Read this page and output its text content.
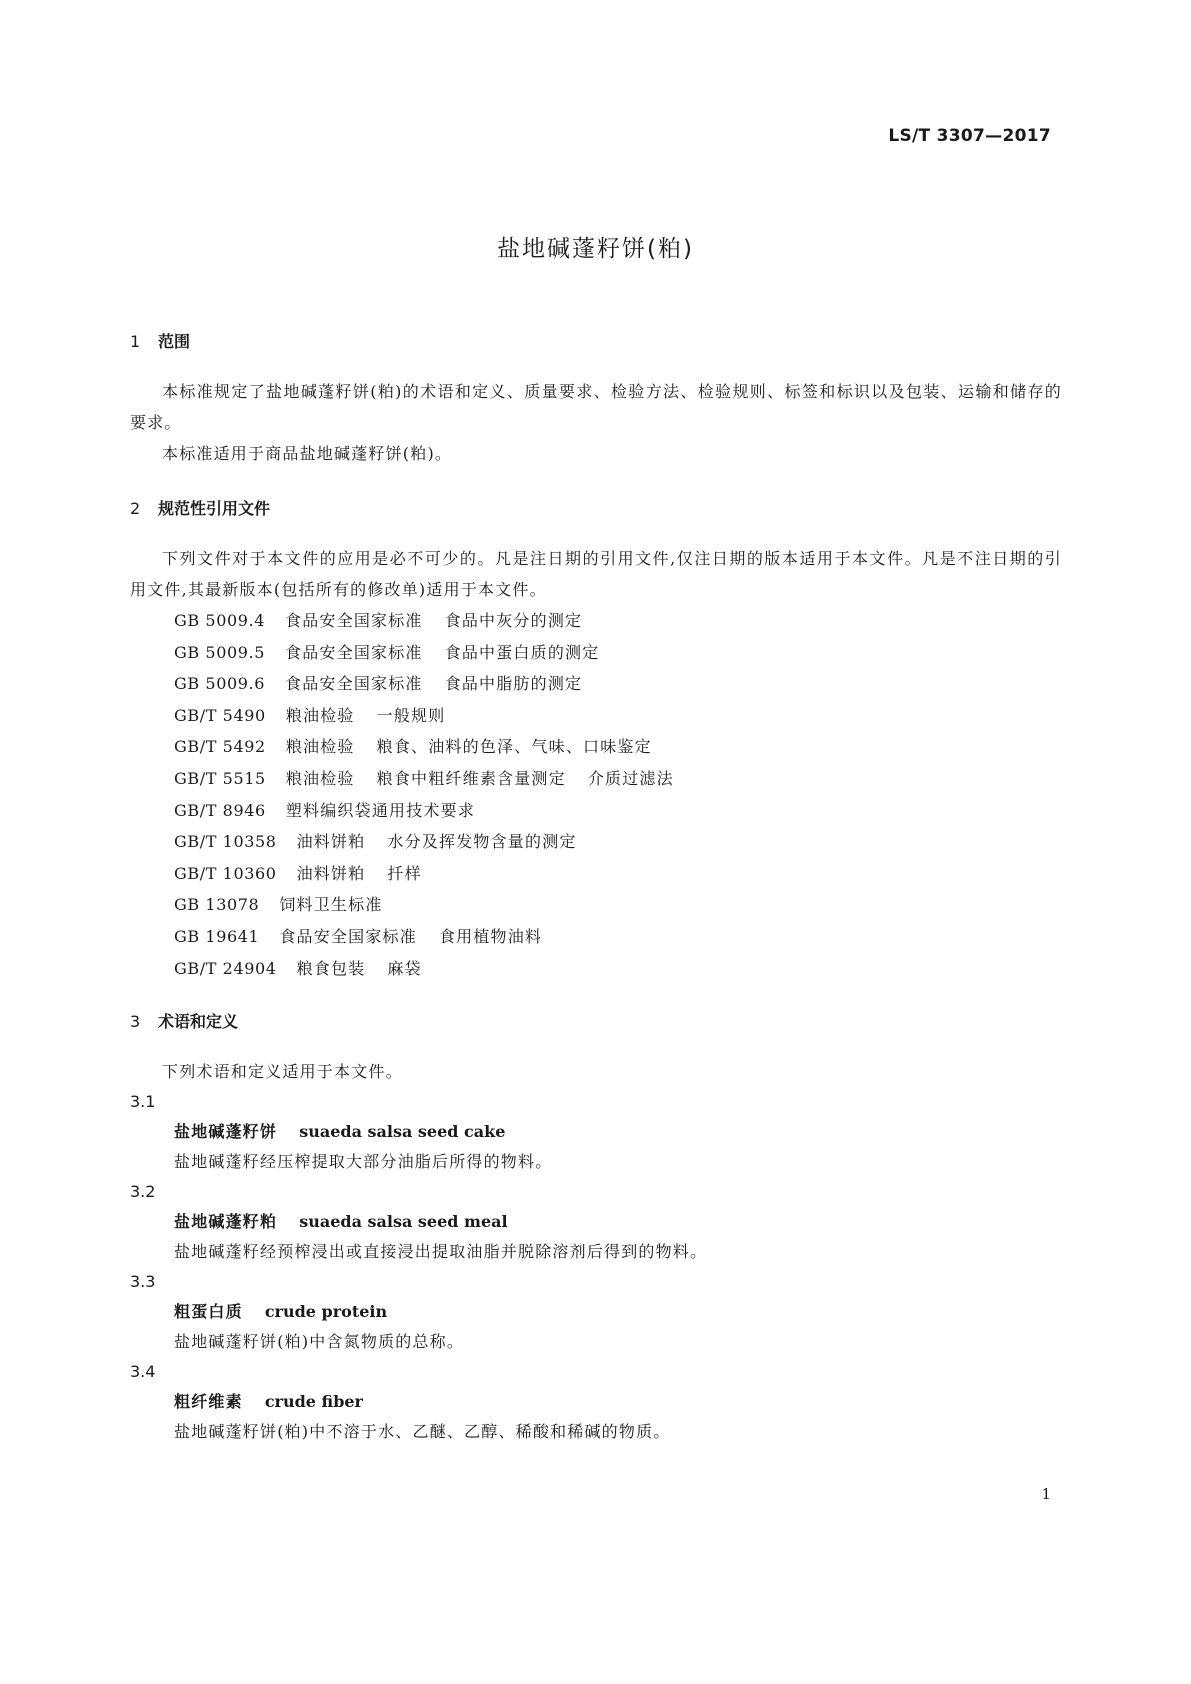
LS/T 3307—2017
盐地碱蓬籽饼(粕)
1	范围
本标准规定了盐地碱蓬籽饼(粕)的术语和定义、质量要求、检验方法、检验规则、标签和标识以及包装、运输和储存的要求。
本标准适用于商品盐地碱蓬籽饼(粕)。
2	规范性引用文件
下列文件对于本文件的应用是必不可少的。凡是注日期的引用文件,仅注日期的版本适用于本文件。凡是不注日期的引用文件,其最新版本(包括所有的修改单)适用于本文件。
GB 5009.4 食品安全国家标准 食品中灰分的测定
GB 5009.5 食品安全国家标准 食品中蛋白质的测定
GB 5009.6 食品安全国家标准 食品中脂肪的测定
GB/T 5490 粮油检验 一般规则
GB/T 5492 粮油检验 粮食、油料的色泽、气味、口味鉴定
GB/T 5515 粮油检验 粮食中粗纤维素含量测定 介质过滤法
GB/T 8946 塑料编织袋通用技术要求
GB/T 10358 油料饼粕 水分及挥发物含量的测定
GB/T 10360 油料饼粕 扦样
GB 13078 饲料卫生标准
GB 19641 食品安全国家标准 食用植物油料
GB/T 24904 粮食包装 麻袋
3	术语和定义
下列术语和定义适用于本文件。
3.1
盐地碱蓬籽饼 suaeda salsa seed cake
盐地碱蓬籽经压榨提取大部分油脂后所得的物料。
3.2
盐地碱蓬籽粕 suaeda salsa seed meal
盐地碱蓬籽经预榨浸出或直接浸出提取油脂并脱除溶剂后得到的物料。
3.3
粗蛋白质 crude protein
盐地碱蓬籽饼(粕)中含氮物质的总称。
3.4
粗纤维素 crude fiber
盐地碱蓬籽饼(粕)中不溶于水、乙醚、乙醇、稀酸和稀碱的物质。
1
